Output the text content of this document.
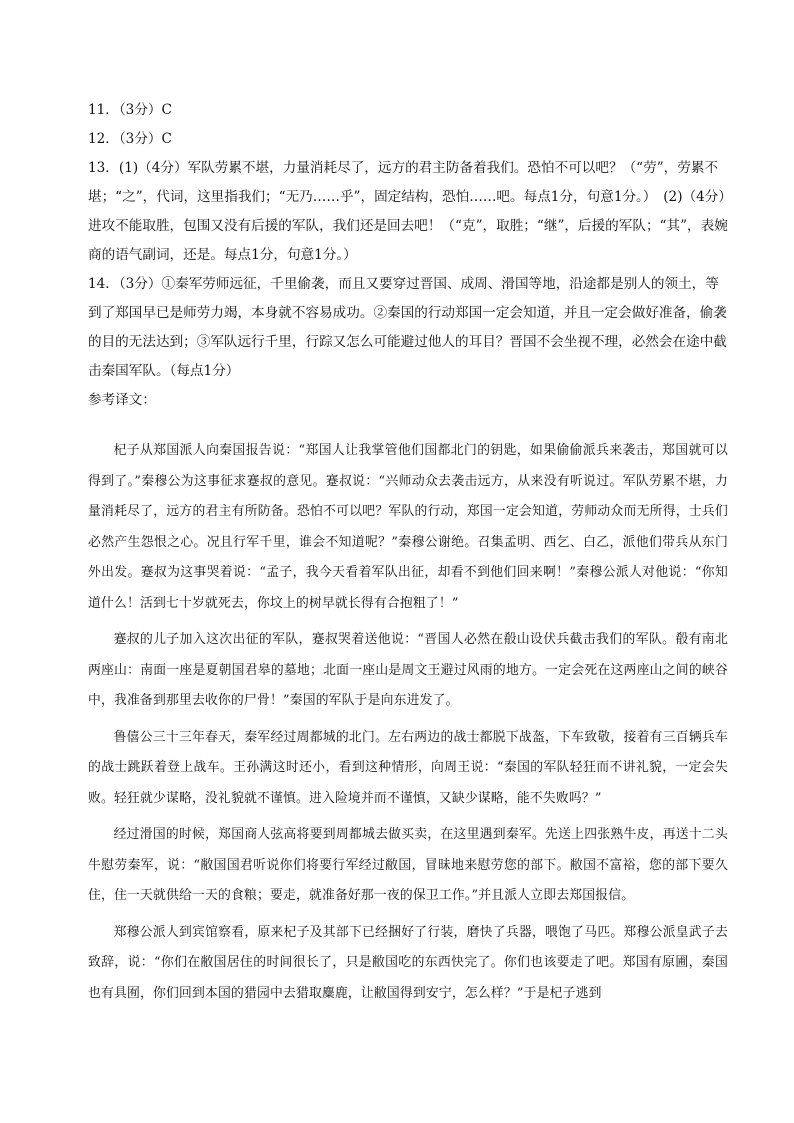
11．（3分）C

12．（3分）C

13．(1)（4分）军队劳累不堪，力量消耗尽了，远方的君主防备着我们。恐怕不可以吧？（“劳”，劳累不堪；“之”，代词，这里指我们；“无乃……乎”，固定结构，恐怕……吧。每点1分，句意1分。）　(2)（4分）进攻不能取胜，包围又没有后援的军队，我们还是回去吧！（“克”，取胜；“继”，后援的军队；“其”，表婉商的语气副词，还是。每点1分，句意1分。）

14．（3分）①秦军劳师远征，千里偷袭，而且又要穿过晋国、成周、滑国等地，沿途都是别人的领土，等到了郑国早已是师劳力竭，本身就不容易成功。②秦国的行动郑国一定会知道，并且一定会做好准备，偷袭的目的无法达到；③军队远行千里，行踪又怎么可能避过他人的耳目？晋国不会坐视不理，必然会在途中截击秦国军队。（每点1分）

参考译文：

杞子从郑国派人向秦国报告说：“郑国人让我掌管他们国都北门的钥匙，如果偷偷派兵来袭击，郑国就可以得到了。”秦穆公为这事征求蹇叔的意见。蹇叔说：“兴师动众去袭击远方，从来没有听说过。军队劳累不堪，力量消耗尽了，远方的君主有所防备。恐怕不可以吧？军队的行动，郑国一定会知道，劳师动众而无所得，士兵们必然产生怨恨之心。况且行军千里，谁会不知道呢？”秦穆公谢绝。召集孟明、西乞、白乙，派他们带兵从东门外出发。蹇叔为这事哭着说：“孟子，我今天看着军队出征，却看不到他们回来啊！”秦穆公派人对他说：“你知道什么！活到七十岁就死去，你坟上的树早就长得有合抱粗了！”

蹇叔的儿子加入这次出征的军队，蹇叔哭着送他说：“晋国人必然在殽山设伏兵截击我们的军队。殽有南北两座山：南面一座是夏朝国君皋的墓地；北面一座山是周文王避过风雨的地方。一定会死在这两座山之间的峡谷中，我准备到那里去收你的尸骨！”秦国的军队于是向东进发了。

鲁僖公三十三年春天，秦军经过周都城的北门。左右两边的战士都脱下战盔，下车致敬，接着有三百辆兵车的战士跳跃着登上战车。王孙满这时还小，看到这种情形，向周王说：“秦国的军队轻狂而不讲礼貌，一定会失败。轻狂就少谋略，没礼貌就不谨慎。进入险境并而不谨慎，又缺少谋略，能不失败吗？”

经过滑国的时候，郑国商人弦高将要到周都城去做买卖，在这里遇到秦军。先送上四张熟牛皮，再送十二头牛慰劳秦军，说：“敝国国君听说你们将要行军经过敝国，冒昧地来慰劳您的部下。敝国不富裕，您的部下要久住，住一天就供给一天的食粮；要走，就准备好那一夜的保卫工作。”并且派人立即去郑国报信。

郑穆公派人到宾馆察看，原来杞子及其部下已经捆好了行装，磨快了兵器，喂饱了马匹。郑穆公派皇武子去致辞，说：“你们在敝国居住的时间很长了，只是敝国吃的东西快完了。你们也该要走了吧。郑国有原圃，秦国也有具囿，你们回到本国的猎园中去猎取麋鹿，让敝国得到安宁，怎么样？”于是杞子逃到
